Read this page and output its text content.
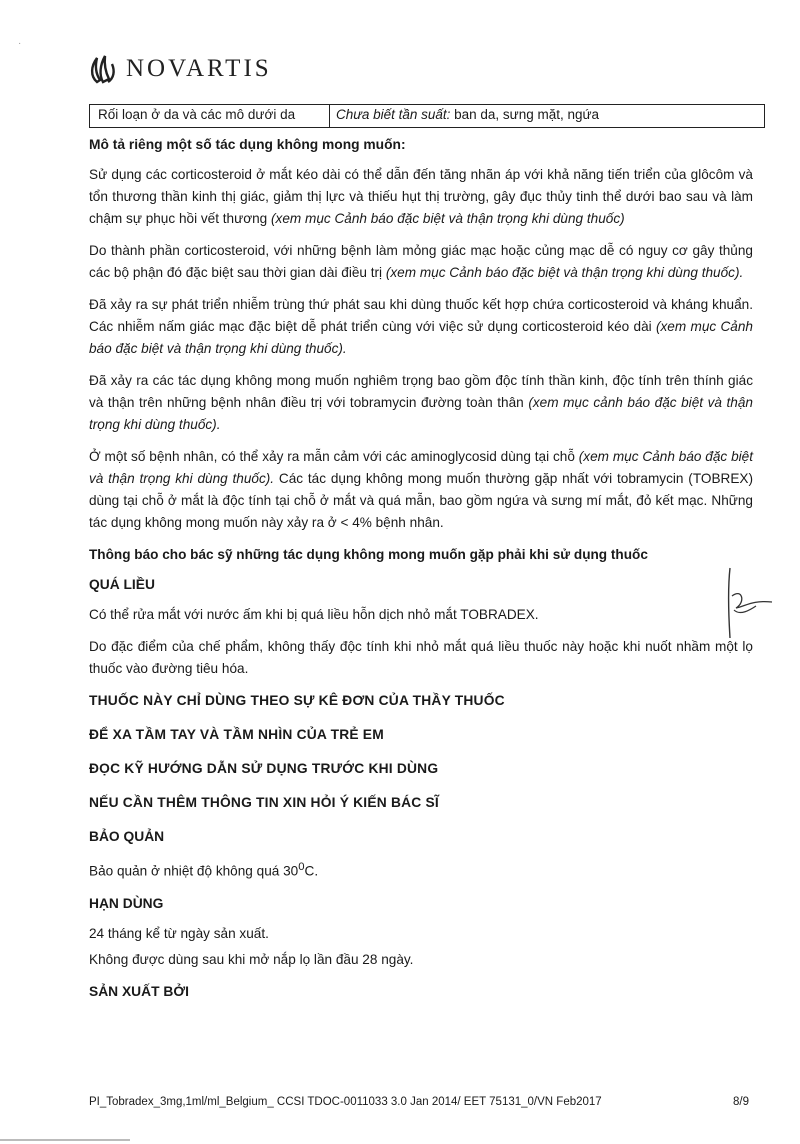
·
NOVARTIS
Rối loạn ở da và các mô dưới da	Chưa biết tần suất: ban da, sưng mặt, ngứa

Mô tả riêng một số tác dụng không mong muốn:

Sử dụng các corticosteroid ở mắt kéo dài có thể dẫn đến tăng nhãn áp với khả năng tiến triển của glôcôm và tổn thương thần kinh thị giác, giảm thị lực và thiếu hụt thị trường, gây đục thủy tinh thể dưới bao sau và làm chậm sự phục hồi vết thương (xem mục Cảnh báo đặc biệt và thận trọng khi dùng thuốc)

Do thành phần corticosteroid, với những bệnh làm mỏng giác mạc hoặc củng mạc dễ có nguy cơ gây thủng các bộ phận đó đặc biệt sau thời gian dài điều trị (xem mục Cảnh báo đặc biệt và thận trọng khi dùng thuốc).

Đã xảy ra sự phát triển nhiễm trùng thứ phát sau khi dùng thuốc kết hợp chứa corticosteroid và kháng khuẩn. Các nhiễm nấm giác mạc đặc biệt dễ phát triển cùng với việc sử dụng corticosteroid kéo dài (xem mục Cảnh báo đặc biệt và thận trọng khi dùng thuốc).

Đã xảy ra các tác dụng không mong muốn nghiêm trọng bao gồm độc tính thần kinh, độc tính trên thính giác và thận trên những bệnh nhân điều trị với tobramycin đường toàn thân (xem mục cảnh báo đặc biệt và thận trọng khi dùng thuốc).

Ở một số bệnh nhân, có thể xảy ra mẫn cảm với các aminoglycosid dùng tại chỗ (xem mục Cảnh báo đặc biệt và thận trọng khi dùng thuốc). Các tác dụng không mong muốn thường gặp nhất với tobramycin (TOBREX) dùng tại chỗ ở mắt là độc tính tại chỗ ở mắt và quá mẫn, bao gồm ngứa và sưng mí mắt, đỏ kết mạc. Những tác dụng không mong muốn này xảy ra ở < 4% bệnh nhân.

Thông báo cho bác sỹ những tác dụng không mong muốn gặp phải khi sử dụng thuốc

QUÁ LIỀU

Có thể rửa mắt với nước ấm khi bị quá liều hỗn dịch nhỏ mắt TOBRADEX.

Do đặc điểm của chế phẩm, không thấy độc tính khi nhỏ mắt quá liều thuốc này hoặc khi nuốt nhầm một lọ thuốc vào đường tiêu hóa.

THUỐC NÀY CHỈ DÙNG THEO SỰ KÊ ĐƠN CỦA THẦY THUỐC

ĐỂ XA TẦM TAY VÀ TẦM NHÌN CỦA TRẺ EM

ĐỌC KỸ HƯỚNG DẪN SỬ DỤNG TRƯỚC KHI DÙNG

NẾU CẦN THÊM THÔNG TIN XIN HỎI Ý KIẾN BÁC SĨ

BẢO QUẢN

Bảo quản ở nhiệt độ không quá $30^0C$.

HẠN DÙNG

24 tháng kể từ ngày sản xuất.

Không được dùng sau khi mở nắp lọ lần đầu 28 ngày.

SẢN XUẤT BỞI

PI_Tobradex_3mg,1ml/ml_Belgium_ CCSI TDOC-0011033 3.0 Jan 2014/ EET 75131_0/VN Feb2017	8/9
